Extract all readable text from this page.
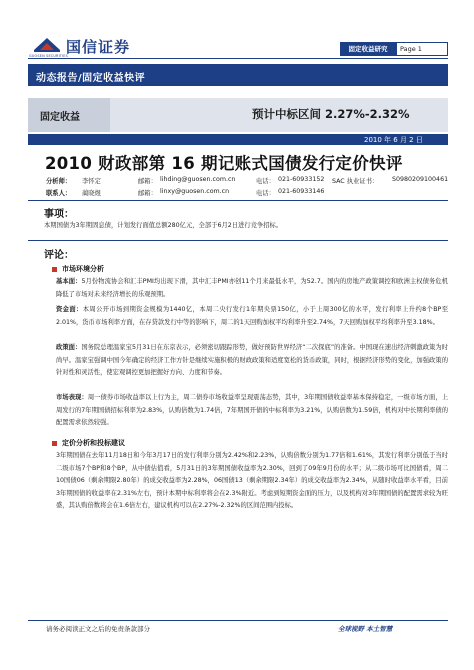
GUOSEN SECURITIES
国信证券	固定收益研究	Page 1
动态报告/固定收益快评
固定收益	预计中标区间 2.27%-2.32%
2010 年 6 月 2 日
2010 财政部第 16 期记账式国债发行定价快评
分析师： 李怀定	邮箱： lihding@guosen.com.cn	电话： 021-60933152 SAC 执业证书： S0980209100461
联系人： 蔺晓煜	邮箱： linxy@guosen.com.cn	电话： 021-60933146
事项：
本期国债为3年期固息债，计划发行面值总额280亿元，全部于6月2日进行竞争招标。
评论：
市场环境分析
基本面：5月份物流协会和汇丰PMI均出现下滑，其中汇丰PMI亦创11个月来最低水平，为52.7。国内的房地产政策调控和欧洲主权债务危机降低了市场对未来经济增长的乐观预期。
资金面：本周公开市场到期资金规模为1440亿，本周二央行发行1年期央票150亿，小于上周300亿的水平，发行利率上升约8个BP至2.01%，货币市场利率方面，在存贷款发行中等的影响下，周二的1天回购加权平均利率升至2.74%，7天回购加权平均利率升至3.18%。
政策面：国务院总理温家宝5月31日在东京表示，必须密切跟踪形势，做好预防世界经济“二次探底”的准备。中国现在速出经济刺激政策为时尚早。温家宝强调中国今年确定的经济工作方针是继续实施积极的财政政策和适度宽松的货币政策，同时，根据经济形势的变化，加强政策的针对性和灵活性，使宏观调控更加把握好方向、力度和节奏。
市场表现：周一债券市场收益率以上行为主，周二债券市场收益率呈现震荡态势，其中，3年期国债收益率基本保持稳定，一级市场方面，上周发行的7年期国债招标利率为2.83%，认购倍数为1.74倍，7年期国开债的中标利率为3.21%，认购倍数为1.59倍，机构对中长期利率债的配置需求依然较强。
定价分析和投标建议
3年期国债在去年11月18日和今年3月17日的发行利率分别为2.42%和2.23%，认购倍数分别为1.77倍和1.61%，其发行利率分别低于当时二级市场7个BP和8个BP，从中债估值看，5月31日的3年期国债收益率为2.30%，回到了09年9月份的水平；从二级市场可比国债看，周二10国债06（剩余期限2.80年）的成交收益率为2.28%，06国债13（剩余期限2.34年）的成交收益率为2.34%，从随时收益率水平看，目前3年期国债的收益率在2.31%左右，预计本期中标利率将会在2.3%附近。考虑到短期资金面的压力，以及机构对3年期国债的配置需求较为旺盛，其认购倍数将会在1.6倍左右，建议机构可以在2.27%-2.32%的区间范围内投标。
请务必阅读正文之后的免责条款部分	全球视野 本土智慧
